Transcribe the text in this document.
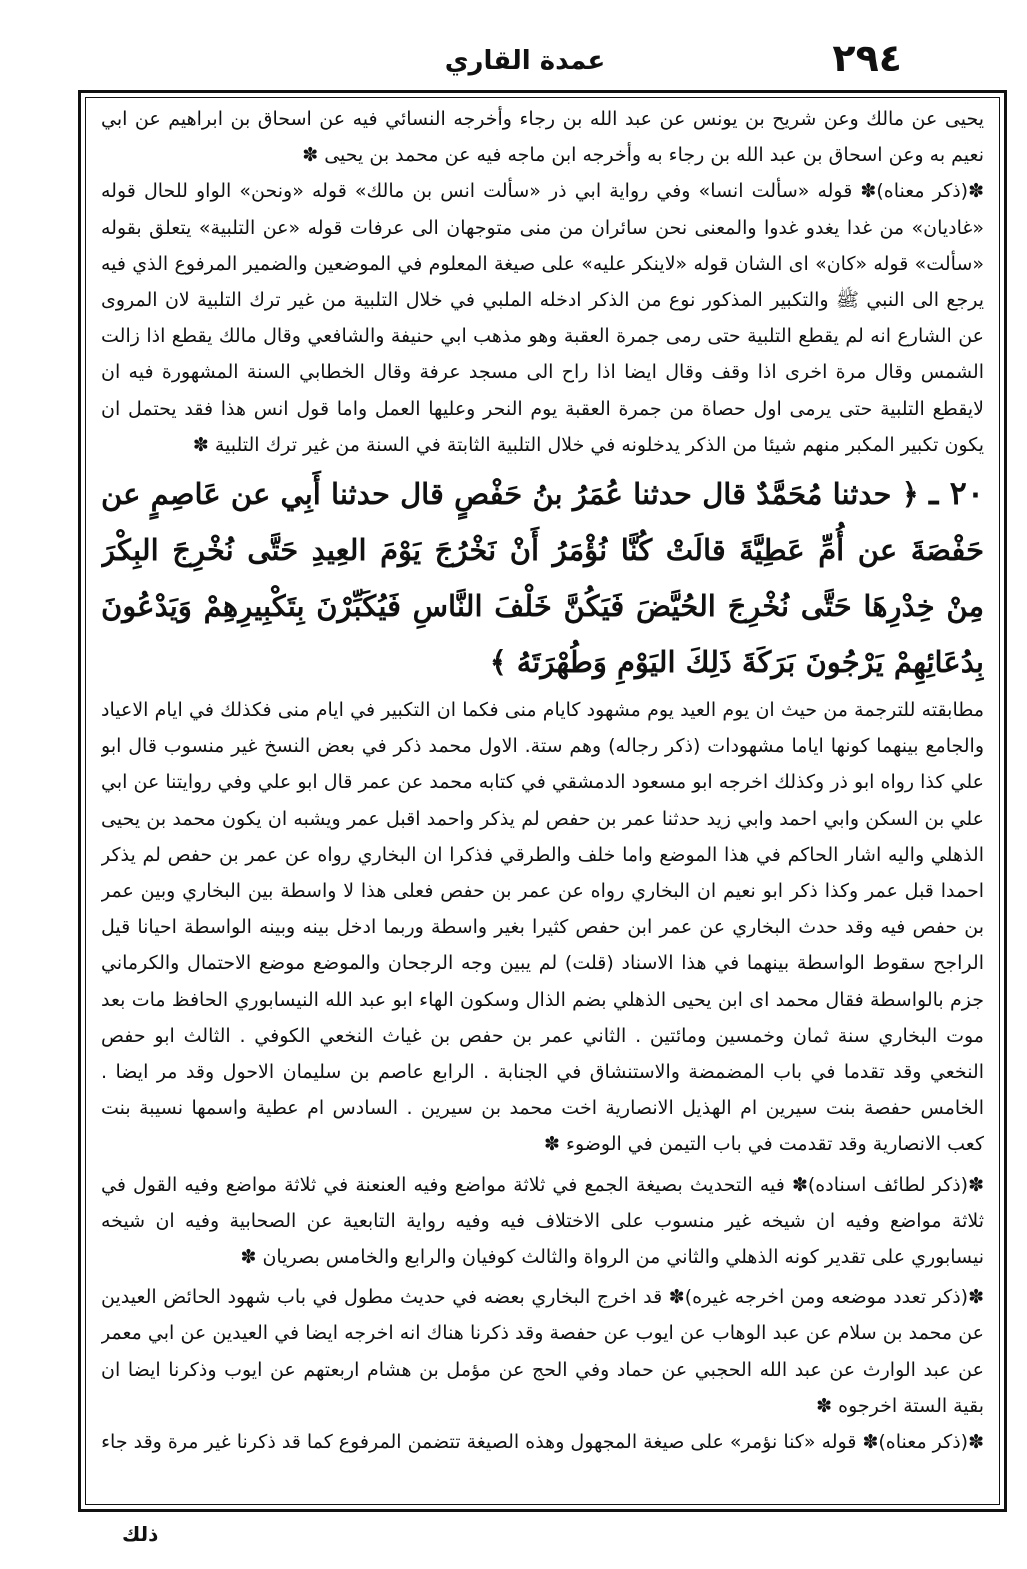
٢٩٤
عمدة القاري

يحيى عن مالك وعن شريح بن يونس عن عبد الله بن رجاء وأخرجه النسائي فيه عن اسحاق بن ابراهيم عن ابي نعيم به وعن اسحاق بن عبد الله بن رجاء به وأخرجه ابن ماجه فيه عن محمد بن يحيى ✽

✽(ذكر معناه)✽ قوله «سألت انسا» وفي رواية ابي ذر «سألت انس بن مالك» قوله «ونحن» الواو للحال قوله «غاديان» من غدا يغدو غدوا والمعنى نحن سائران من منى متوجهان الى عرفات قوله «عن التلبية» يتعلق بقوله «سألت» قوله «كان» اى الشان قوله «لاينكر عليه» على صيغة المعلوم في الموضعين والضمير المرفوع الذي فيه يرجع الى النبي ﷺ والتكبير المذكور نوع من الذكر ادخله الملبي في خلال التلبية من غير ترك التلبية لان المروى عن الشارع انه لم يقطع التلبية حتى رمى جمرة العقبة وهو مذهب ابي حنيفة والشافعي وقال مالك يقطع اذا زالت الشمس وقال مرة اخرى اذا وقف وقال ايضا اذا راح الى مسجد عرفة وقال الخطابي السنة المشهورة فيه ان لايقطع التلبية حتى يرمى اول حصاة من جمرة العقبة يوم النحر وعليها العمل واما قول انس هذا فقد يحتمل ان يكون تكبير المكبر منهم شيئا من الذكر يدخلونه في خلال التلبية الثابتة في السنة من غير ترك التلبية ✽

٢٠ ـ ﴿ حدثنا مُحَمَّدٌ قال حدثنا عُمَرُ بنُ حَفْصٍ قال حدثنا أَبِي عن عَاصِمٍ عن حَفْصَةَ عن أُمِّ عَطِيَّةَ قالَتْ كُنَّا نُؤْمَرُ أَنْ نَخْرُجَ يَوْمَ العِيدِ حَتَّى نُخْرِجَ البِكْرَ مِنْ خِدْرِهَا حَتَّى نُخْرِجَ الحُيَّضَ فَيَكُنَّ خَلْفَ النَّاسِ فَيُكَبِّرْنَ بِتَكْبِيرِهِمْ وَيَدْعُونَ بِدُعَائِهِمْ يَرْجُونَ بَرَكَةَ ذَلِكَ اليَوْمِ وَطُهْرَتَهُ ﴾

مطابقته للترجمة من حيث ان يوم العيد يوم مشهود كايام منى فكما ان التكبير في ايام منى فكذلك في ايام الاعياد والجامع بينهما كونها اياما مشهودات (ذكر رجاله) وهم ستة. الاول محمد ذكر في بعض النسخ غير منسوب قال ابو علي كذا رواه ابو ذر وكذلك اخرجه ابو مسعود الدمشقي في كتابه محمد عن عمر قال ابو علي وفي روايتنا عن ابي علي بن السكن وابي احمد وابي زيد حدثنا عمر بن حفص لم يذكر واحمد اقبل عمر ويشبه ان يكون محمد بن يحيى الذهلي واليه اشار الحاكم في هذا الموضع واما خلف والطرقي فذكرا ان البخاري رواه عن عمر بن حفص لم يذكر احمدا قبل عمر وكذا ذكر ابو نعيم ان البخاري رواه عن عمر بن حفص فعلى هذا لا واسطة بين البخاري وبين عمر بن حفص فيه وقد حدث البخاري عن عمر ابن حفص كثيرا بغير واسطة وربما ادخل بينه وبينه الواسطة احيانا قيل الراجح سقوط الواسطة بينهما في هذا الاسناد (قلت) لم يبين وجه الرجحان والموضع موضع الاحتمال والكرماني جزم بالواسطة فقال محمد اى ابن يحيى الذهلي بضم الذال وسكون الهاء ابو عبد الله النيسابوري الحافظ مات بعد موت البخاري سنة ثمان وخمسين ومائتين . الثاني عمر بن حفص بن غياث النخعي الكوفي . الثالث ابو حفص النخعي وقد تقدما في باب المضمضة والاستنشاق في الجنابة . الرابع عاصم بن سليمان الاحول وقد مر ايضا . الخامس حفصة بنت سيرين ام الهذيل الانصارية اخت محمد بن سيرين . السادس ام عطية واسمها نسيبة بنت كعب الانصارية وقد تقدمت في باب التيمن في الوضوء ✽

✽(ذكر لطائف اسناده)✽ فيه التحديث بصيغة الجمع في ثلاثة مواضع وفيه العنعنة في ثلاثة مواضع وفيه القول في ثلاثة مواضع وفيه ان شيخه غير منسوب على الاختلاف فيه وفيه رواية التابعية عن الصحابية وفيه ان شيخه نيسابوري على تقدير كونه الذهلي والثاني من الرواة والثالث كوفيان والرابع والخامس بصريان ✽

✽(ذكر تعدد موضعه ومن اخرجه غيره)✽ قد اخرج البخاري بعضه في حديث مطول في باب شهود الحائض العيدين عن محمد بن سلام عن عبد الوهاب عن ايوب عن حفصة وقد ذكرنا هناك انه اخرجه ايضا في العيدين عن ابي معمر عن عبد الوارث عن عبد الله الحجبي عن حماد وفي الحج عن مؤمل بن هشام اربعتهم عن ايوب وذكرنا ايضا ان بقية الستة اخرجوه ✽

✽(ذكر معناه)✽ قوله «كنا نؤمر» على صيغة المجهول وهذه الصيغة تتضمن المرفوع كما قد ذكرنا غير مرة وقد جاء

ذلك
